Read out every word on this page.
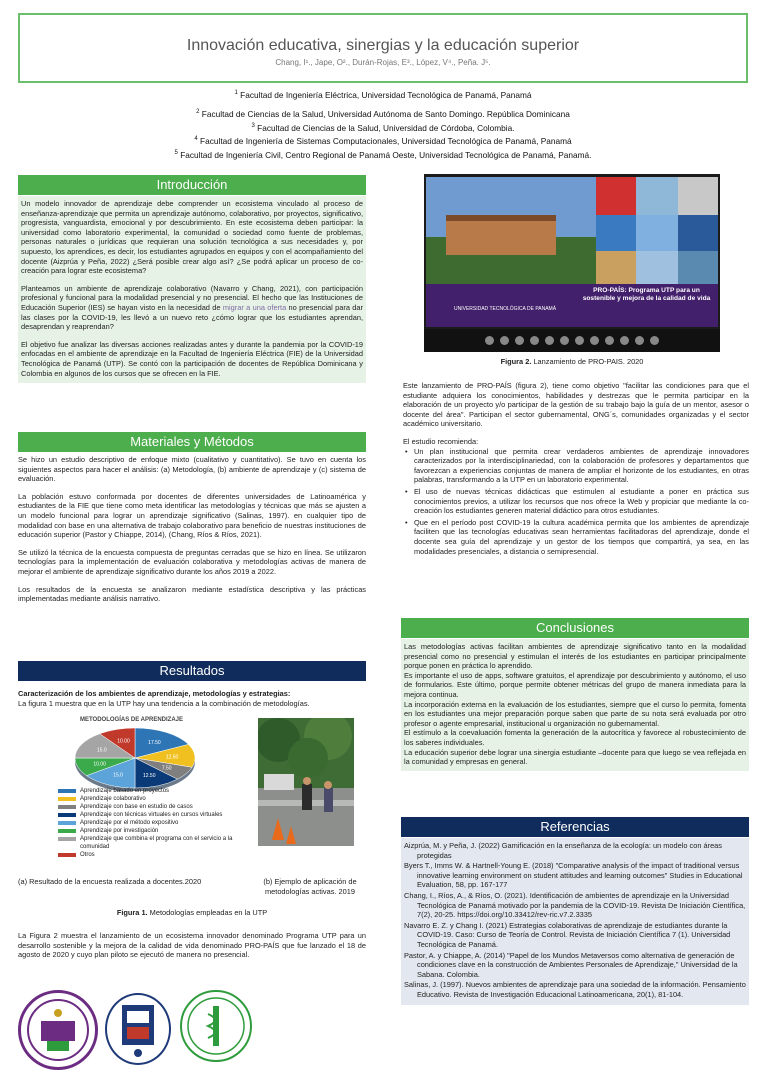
Innovación educativa, sinergias y la educación superior
Chang, I¹., Jape, O²., Durán-Rojas, E³., López, V⁴., Peña. J⁵.
$^1$ Facultad de Ingeniería Eléctrica, Universidad Tecnológica de Panamá, Panamá
$^2$ Facultad de Ciencias de la Salud, Universidad Autónoma de Santo Domingo. República Dominicana
$^3$ Facultad de Ciencias de la Salud, Universidad de Córdoba, Colombia.
$^4$ Facultad de Ingeniería de Sistemas Computacionales, Universidad Tecnológica de Panamá, Panamá
$^5$ Facultad de Ingeniería Civil, Centro Regional de Panamá Oeste, Universidad Tecnológica de Panamá, Panamá.
Introducción

Un modelo innovador de aprendizaje debe comprender un ecosistema vinculado al proceso de enseñanza-aprendizaje que permita un aprendizaje autónomo, colaborativo, por proyectos, significativo, progresista, vanguardista, emocional y por descubrimiento. En este ecosistema deben participar: la universidad como laboratorio experimental, la comunidad o sociedad como fuente de problemas, personas naturales o jurídicas que requieran una solución tecnológica a sus necesidades y, por supuesto, los aprendices, es decir, los estudiantes agrupados en equipos y con el acompañamiento del docente (Aizprúa y Peña, 2022) ¿Será posible crear algo así? ¿Se podrá aplicar un proceso de co-creación para lograr este ecosistema?

Planteamos un ambiente de aprendizaje colaborativo (Navarro y Chang, 2021), con participación profesional y funcional para la modalidad presencial y no presencial. El hecho que las Instituciones de Educación Superior (IES) se hayan visto en la necesidad de migrar a una oferta no presencial para dar las clases por la COVID-19, les llevó a un nuevo reto ¿cómo lograr que los estudiantes aprendan, desaprendan y reaprendan?

El objetivo fue analizar las diversas acciones realizadas antes y durante la pandemia por la COVID-19 enfocadas en el ambiente de aprendizaje en la Facultad de Ingeniería Eléctrica (FIE) de la Universidad Tecnológica de Panamá (UTP). Se contó con la participación de docentes de República Dominicana y Colombia en algunos de los cursos que se ofrecen en la FIE.

Materiales y Métodos

Se hizo un estudio descriptivo de enfoque mixto (cualitativo y cuantitativo). Se tuvo en cuenta los siguientes aspectos para hacer el análisis: (a) Metodología, (b) ambiente de aprendizaje y (c) sistema de evaluación.

La población estuvo conformada por docentes de diferentes universidades de Latinoamérica y estudiantes de la FIE que tiene como meta identificar las metodologías y técnicas que más se ajusten a un modelo funcional para lograr un aprendizaje significativo (Salinas, 1997). en cualquier tipo de modalidad con base en una alternativa de trabajo colaborativo para beneficio de nuestras instituciones de educación superior (Pastor y Chiappe, 2014), (Chang, Ríos & Ríos, 2021).

Se utilizó la técnica de la encuesta compuesta de preguntas cerradas que se hizo en línea. Se utilizaron tecnologías para la implementación de evaluación colaborativa y metodologías activas de manera de mejorar el ambiente de aprendizaje significativo durante los años 2019 a 2022.

Los resultados de la encuesta se analizaron mediante estadística descriptiva y las prácticas implementadas mediante análisis narrativo.

Resultados
Caracterización de los ambientes de aprendizaje, metodologías y estrategias:
La figura 1 muestra que en la UTP hay una tendencia a la combinación de metodologías.
METODOLOGÍAS DE APRENDIZAJE
17.50
12.50
7.50
12.50
15.0
10.00
15.0
10.00
Aprendizaje basado en proyectos
Aprendizaje colaborativo
Aprendizaje con base en estudio de casos
Aprendizaje con técnicas virtuales en cursos virtuales
Aprendizaje por el método expositivo
Aprendizaje por investigación
Aprendizaje que combina el programa con el servicio a la comunidad
Otros
(a) Resultado de la encuesta realizada a docentes.2020	(b) Ejemplo de aplicación de metodologías activas. 2019
Figura 1. Metodologías empleadas en la UTP
La Figura 2 muestra el lanzamiento de un ecosistema innovador denominado Programa UTP para un desarrollo sostenible y la mejora de la calidad de vida denominado PRO-PAÍS que fue lanzado el 18 de agosto de 2020 y cuyo plan piloto se ejecutó de manera no presencial.
UNIVERSIDAD TECNOLÓGICA DE PANAMÁ
PRO-PAÍS: Programa UTP para un sostenible y mejora de la calidad de vida
Figura 2. Lanzamiento de PRO-PAIS. 2020

Este lanzamiento de PRO-PAÍS (figura 2), tiene como objetivo "facilitar las condiciones para que el estudiante adquiera los conocimientos, habilidades y destrezas que le permita participar en la elaboración de un proyecto y/o participar de la gestión de su trabajo bajo la guía de un mentor, asesor o docente del área". Participan el sector gubernamental, ONG´s, comunidades organizadas y el sector académico universitario.

El estudio recomienda:
• Un plan institucional que permita crear verdaderos ambientes de aprendizaje innovadores caracterizados por la interdisciplinariedad, con la colaboración de profesores y departamentos que favorezcan a experiencias conjuntas de manera de ampliar el horizonte de los estudiantes, en otras palabras, transformando a la UTP en un laboratorio experimental.
• El uso de nuevas técnicas didácticas que estimulen al estudiante a poner en práctica sus conocimientos previos, a utilizar los recursos que nos ofrece la Web y propiciar que mediante la co-creación los estudiantes generen material didáctico para otros estudiantes.
• Que en el período post COVID-19 la cultura académica permita que los ambientes de aprendizaje faciliten que las tecnologías educativas sean herramientas facilitadoras del aprendizaje, donde el docente sea guía del aprendizaje y un gestor de los tiempos que compartirá, ya sea, en las modalidades presenciales, a distancia o semipresencial.
Conclusiones
Las metodologías activas facilitan ambientes de aprendizaje significativo tanto en la modalidad presencial como no presencial y estimulan el interés de los estudiantes en participar principalmente porque ponen en práctica lo aprendido.
Es importante el uso de apps, software gratuitos, el aprendizaje por descubrimiento y autónomo, el uso de formularios. Este último, porque permite obtener métricas del grupo de manera inmediata para la mejora continua.
La incorporación externa en la evaluación de los estudiantes, siempre que el curso lo permita, fomenta en los estudiantes una mejor preparación porque saben que parte de su nota será evaluada por otro profesor o agente empresarial, institucional u organización no gubernamental.
El estímulo a la coevaluación fomenta la generación de la autocrítica y favorece al robustecimiento de los saberes individuales.
La educación superior debe lograr una sinergia estudiante –docente para que luego se vea reflejada en la comunidad y empresas en general.
Referencias
Aizprúa, M. y Peña, J. (2022) Gamificación en la enseñanza de la ecología: un modelo con áreas protegidas
Byers T., Imms W. & Hartnell-Young E. (2018) "Comparative analysis of the impact of traditional versus innovative learning environment on student attitudes and learning outcomes" Studies in Educational Evaluation, 58, pp. 167-177
Chang, I., Ríos, A., & Ríos, O. (2021). Identificación de ambientes de aprendizaje en la Universidad Tecnológica de Panamá motivado por la pandemia de la COVID-19. Revista De Iniciación Científica, 7(2), 20-25. https://doi.org/10.33412/rev-ric.v7.2.3335
Navarro E. Z. y Chang I. (2021) Estrategias colaborativas de aprendizaje de estudiantes durante la COVID-19. Caso: Curso de Teoría de Control. Revista de Iniciación Científica 7 (1). Universidad Tecnológica de Panamá.
Pastor, A. y Chiappe, A. (2014) "Papel de los Mundos Metaversos como alternativa de generación de condiciones clave en la construcción de Ambientes Personales de Aprendizaje," Universidad de la Sabana. Colombia.
Salinas, J. (1997). Nuevos ambientes de aprendizaje para una sociedad de la información. Pensamiento Educativo. Revista de Investigación Educacional Latinoamericana, 20(1), 81-104.
